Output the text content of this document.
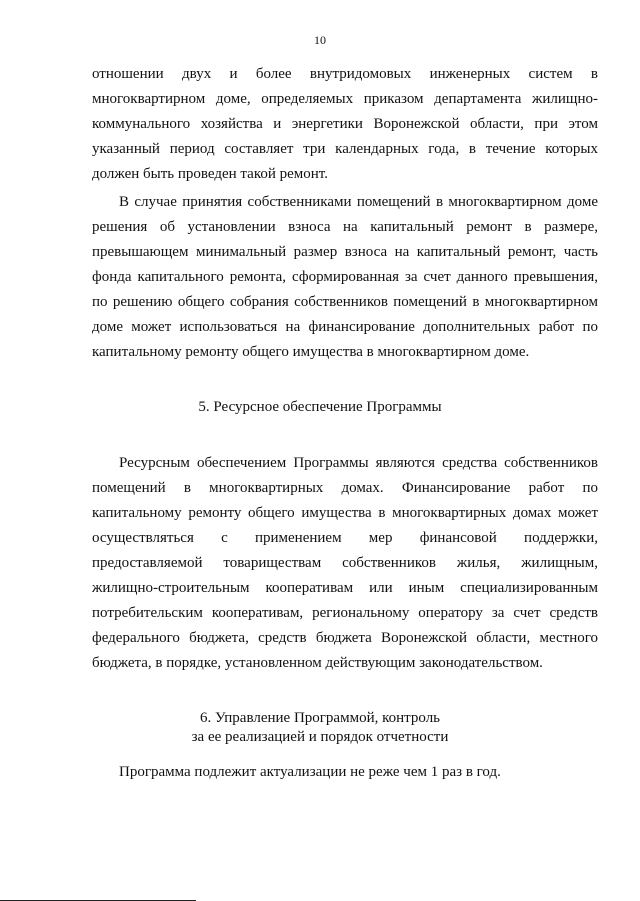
10
отношении двух и более внутридомовых инженерных систем в
многоквартирном доме, определяемых приказом департамента жилищно-
коммунального хозяйства и энергетики Воронежской области, при этом
указанный период составляет три календарных года, в течение которых
должен быть проведен такой ремонт.
В случае принятия собственниками помещений в многоквартирном доме
решения об установлении взноса на капитальный ремонт в размере,
превышающем минимальный размер взноса на капитальный ремонт, часть
фонда капитального ремонта, сформированная за счет данного превышения,
по решению общего собрания собственников помещений в многоквартирном
доме может использоваться на финансирование дополнительных работ по
капитальному ремонту общего имущества в многоквартирном доме.
5. Ресурсное обеспечение Программы
Ресурсным обеспечением Программы являются средства собственников
помещений в многоквартирных домах. Финансирование работ по
капитальному ремонту общего имущества в многоквартирных домах может
осуществляться с применением мер финансовой поддержки,
предоставляемой товариществам собственников жилья, жилищным,
жилищно-строительным кооперативам или иным специализированным
потребительским кооперативам, региональному оператору за счет средств
федерального бюджета, средств бюджета Воронежской области, местного
бюджета, в порядке, установленном действующим законодательством.
6. Управление Программой, контроль
за ее реализацией и порядок отчетности
Программа подлежит актуализации не реже чем 1 раз в год.
